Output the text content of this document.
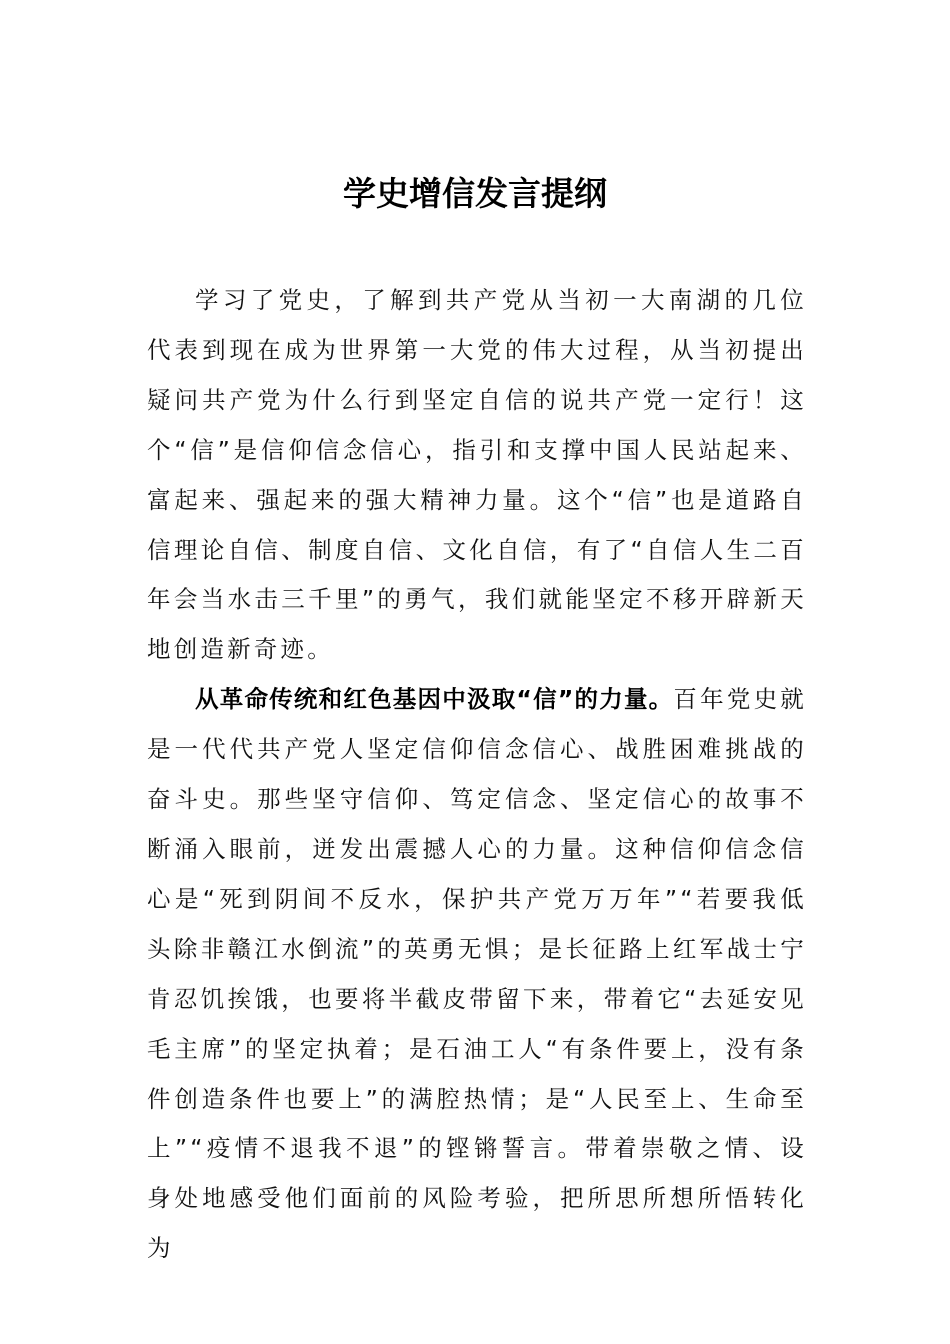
学史增信发言提纲

学习了党史，了解到共产党从当初一大南湖的几位代表到现在成为世界第一大党的伟大过程，从当初提出疑问共产党为什么行到坚定自信的说共产党一定行！这个“信”是信仰信念信心，指引和支撑中国人民站起来、富起来、强起来的强大精神力量。这个“信”也是道路自信理论自信、制度自信、文化自信，有了“自信人生二百年会当水击三千里”的勇气，我们就能坚定不移开辟新天地创造新奇迹。

从革命传统和红色基因中汲取“信”的力量。百年党史就是一代代共产党人坚定信仰信念信心、战胜困难挑战的奋斗史。那些坚守信仰、笃定信念、坚定信心的故事不断涌入眼前，迸发出震撼人心的力量。这种信仰信念信心是“死到阴间不反水，保护共产党万万年”“若要我低头除非赣江水倒流”的英勇无惧；是长征路上红军战士宁肯忍饥挨饿，也要将半截皮带留下来，带着它“去延安见毛主席”的坚定执着；是石油工人“有条件要上，没有条件创造条件也要上”的满腔热情；是“人民至上、生命至上”“疫情不退我不退”的铿锵誓言。带着崇敬之情、设身处地感受他们面前的风险考验，把所思所想所悟转化为
